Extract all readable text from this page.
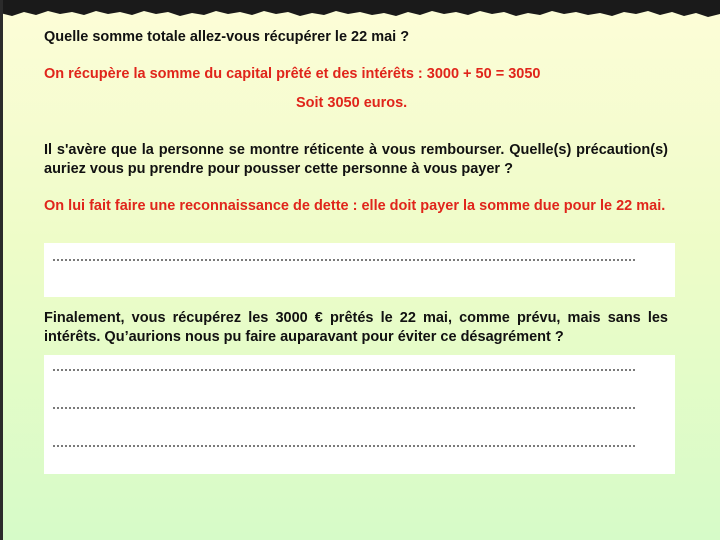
Quelle somme totale allez-vous récupérer le 22 mai ?
On récupère la somme du capital prêté et des intérêts : 3000 + 50 = 3050
Soit 3050 euros.
Il s'avère que la personne se montre réticente à vous rembourser. Quelle(s) précaution(s) auriez vous pu prendre pour pousser cette personne à vous payer ?
On lui fait faire une reconnaissance de dette : elle doit payer la somme due pour le 22 mai.
Finalement, vous récupérez les 3000 € prêtés le 22 mai, comme prévu, mais sans les intérêts. Qu’aurions nous pu faire auparavant pour éviter ce désagrément ?
